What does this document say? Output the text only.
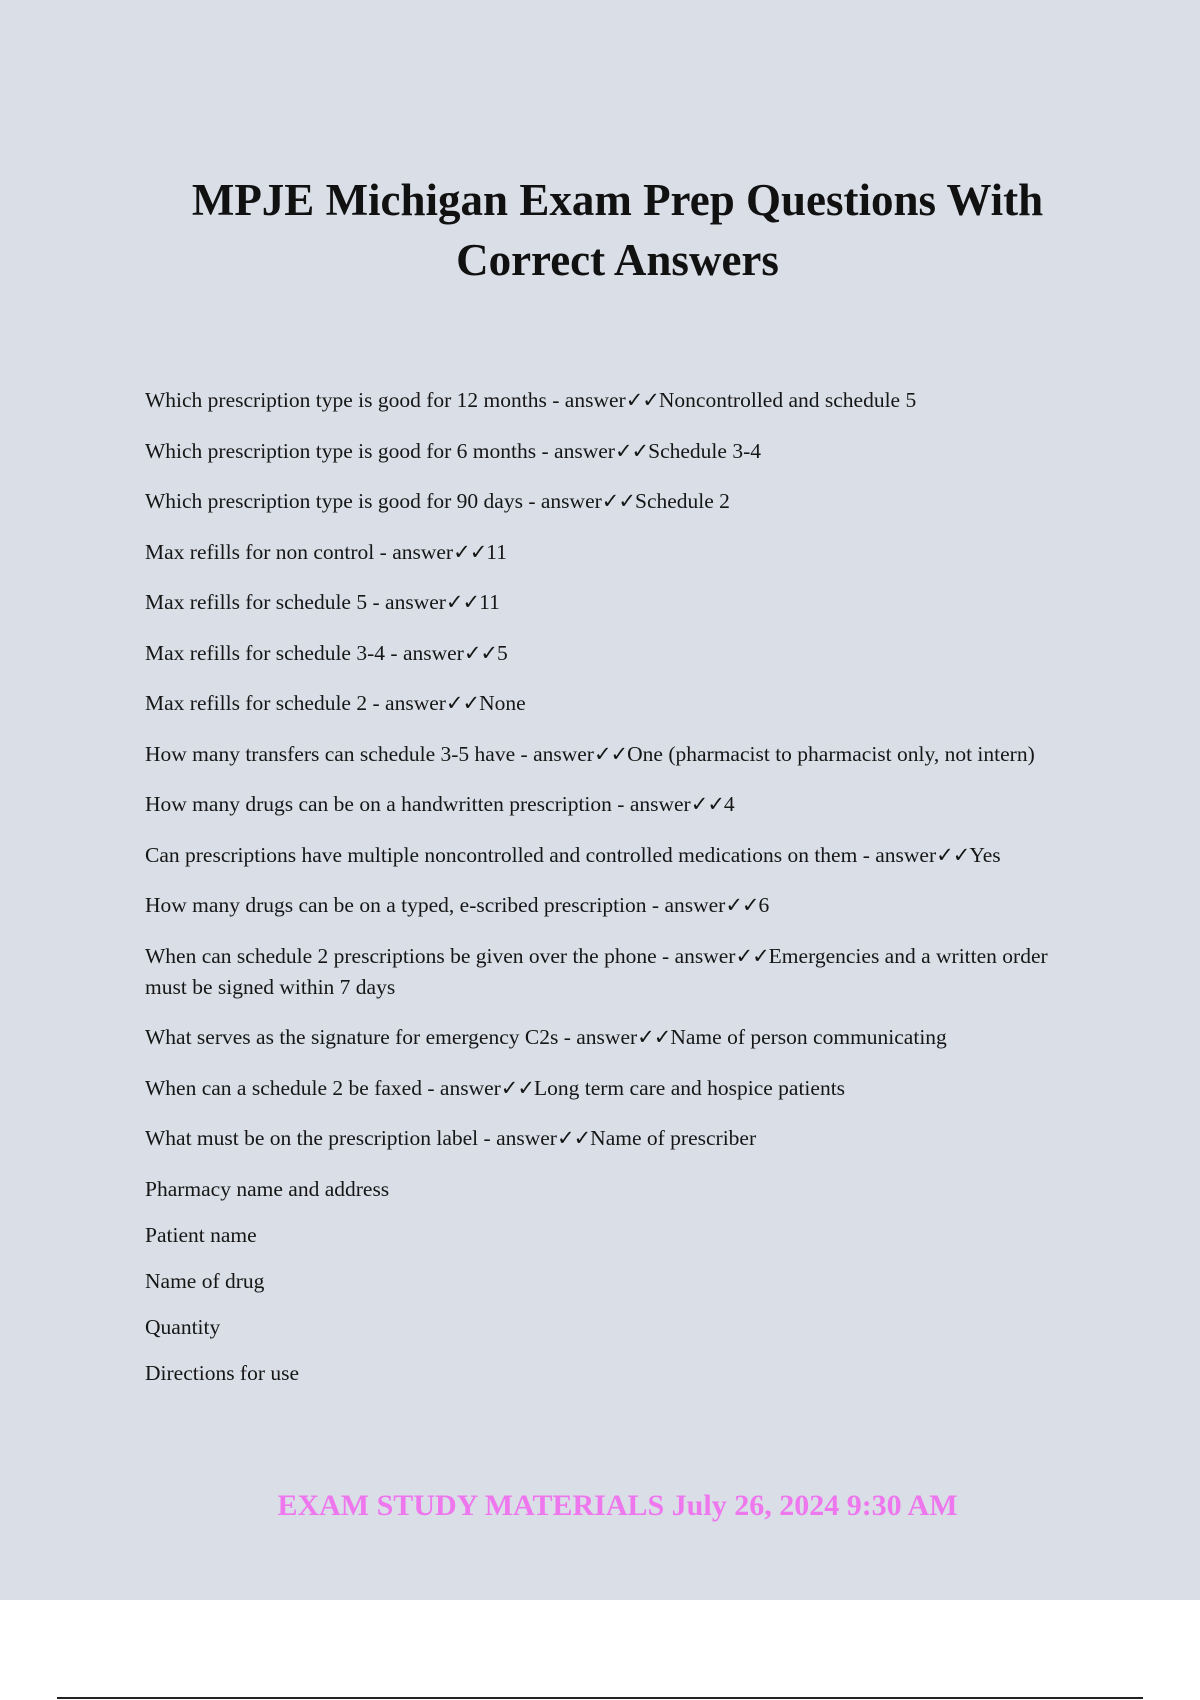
MPJE Michigan Exam Prep Questions With Correct Answers
Which prescription type is good for 12 months - answer✓✓Noncontrolled and schedule 5
Which prescription type is good for 6 months - answer✓✓Schedule 3-4
Which prescription type is good for 90 days - answer✓✓Schedule 2
Max refills for non control - answer✓✓11
Max refills for schedule 5 - answer✓✓11
Max refills for schedule 3-4 - answer✓✓5
Max refills for schedule 2 - answer✓✓None
How many transfers can schedule 3-5 have - answer✓✓One (pharmacist to pharmacist only, not intern)
How many drugs can be on a handwritten prescription - answer✓✓4
Can prescriptions have multiple noncontrolled and controlled medications on them - answer✓✓Yes
How many drugs can be on a typed, e-scribed prescription - answer✓✓6
When can schedule 2 prescriptions be given over the phone - answer✓✓Emergencies and a written order must be signed within 7 days
What serves as the signature for emergency C2s - answer✓✓Name of person communicating
When can a schedule 2 be faxed - answer✓✓Long term care and hospice patients
What must be on the prescription label - answer✓✓Name of prescriber
Pharmacy name and address
Patient name
Name of drug
Quantity
Directions for use
EXAM STUDY MATERIALS July 26, 2024 9:30 AM
